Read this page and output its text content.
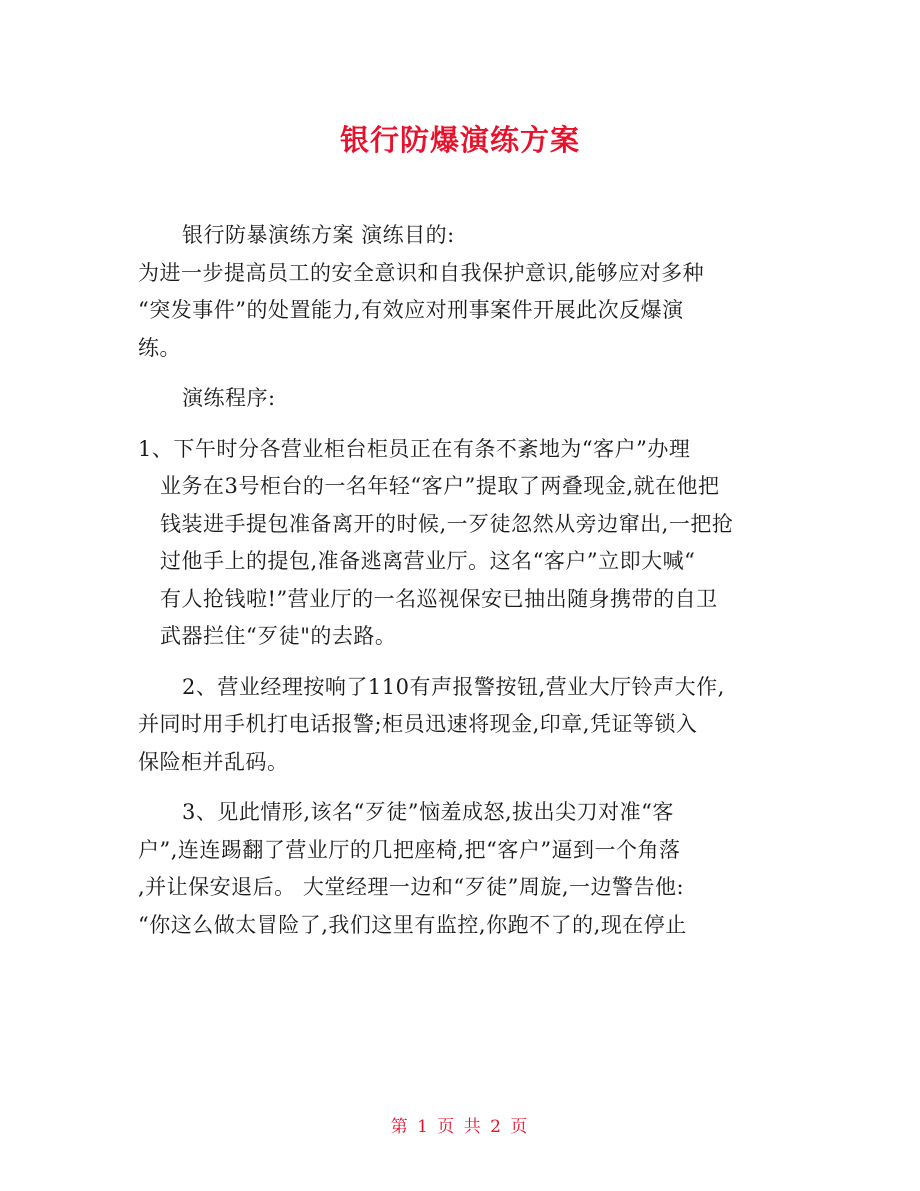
银行防爆演练方案
银行防暴演练方案 演练目的:
为进一步提高员工的安全意识和自我保护意识,能够应对多种
“突发事件”的处置能力,有效应对刑事案件开展此次反爆演
练。
演练程序:
1、下午时分各营业柜台柜员正在有条不紊地为“客户”办理
业务在3号柜台的一名年轻“客户”提取了两叠现金,就在他把
钱装进手提包准备离开的时候,一歹徒忽然从旁边窜出,一把抢
过他手上的提包,准备逃离营业厅。这名“客户”立即大喊“
有人抢钱啦!”营业厅的一名巡视保安已抽出随身携带的自卫
武器拦住“歹徒"的去路。
2、营业经理按响了110有声报警按钮,营业大厅铃声大作,
并同时用手机打电话报警;柜员迅速将现金,印章,凭证等锁入
保险柜并乱码。
3、见此情形,该名“歹徒”恼羞成怒,拔出尖刀对准“客
户”,连连踢翻了营业厅的几把座椅,把“客户”逼到一个角落
,并让保安退后。 大堂经理一边和“歹徒”周旋,一边警告他:
“你这么做太冒险了,我们这里有监控,你跑不了的,现在停止
第 1 页 共 2 页
